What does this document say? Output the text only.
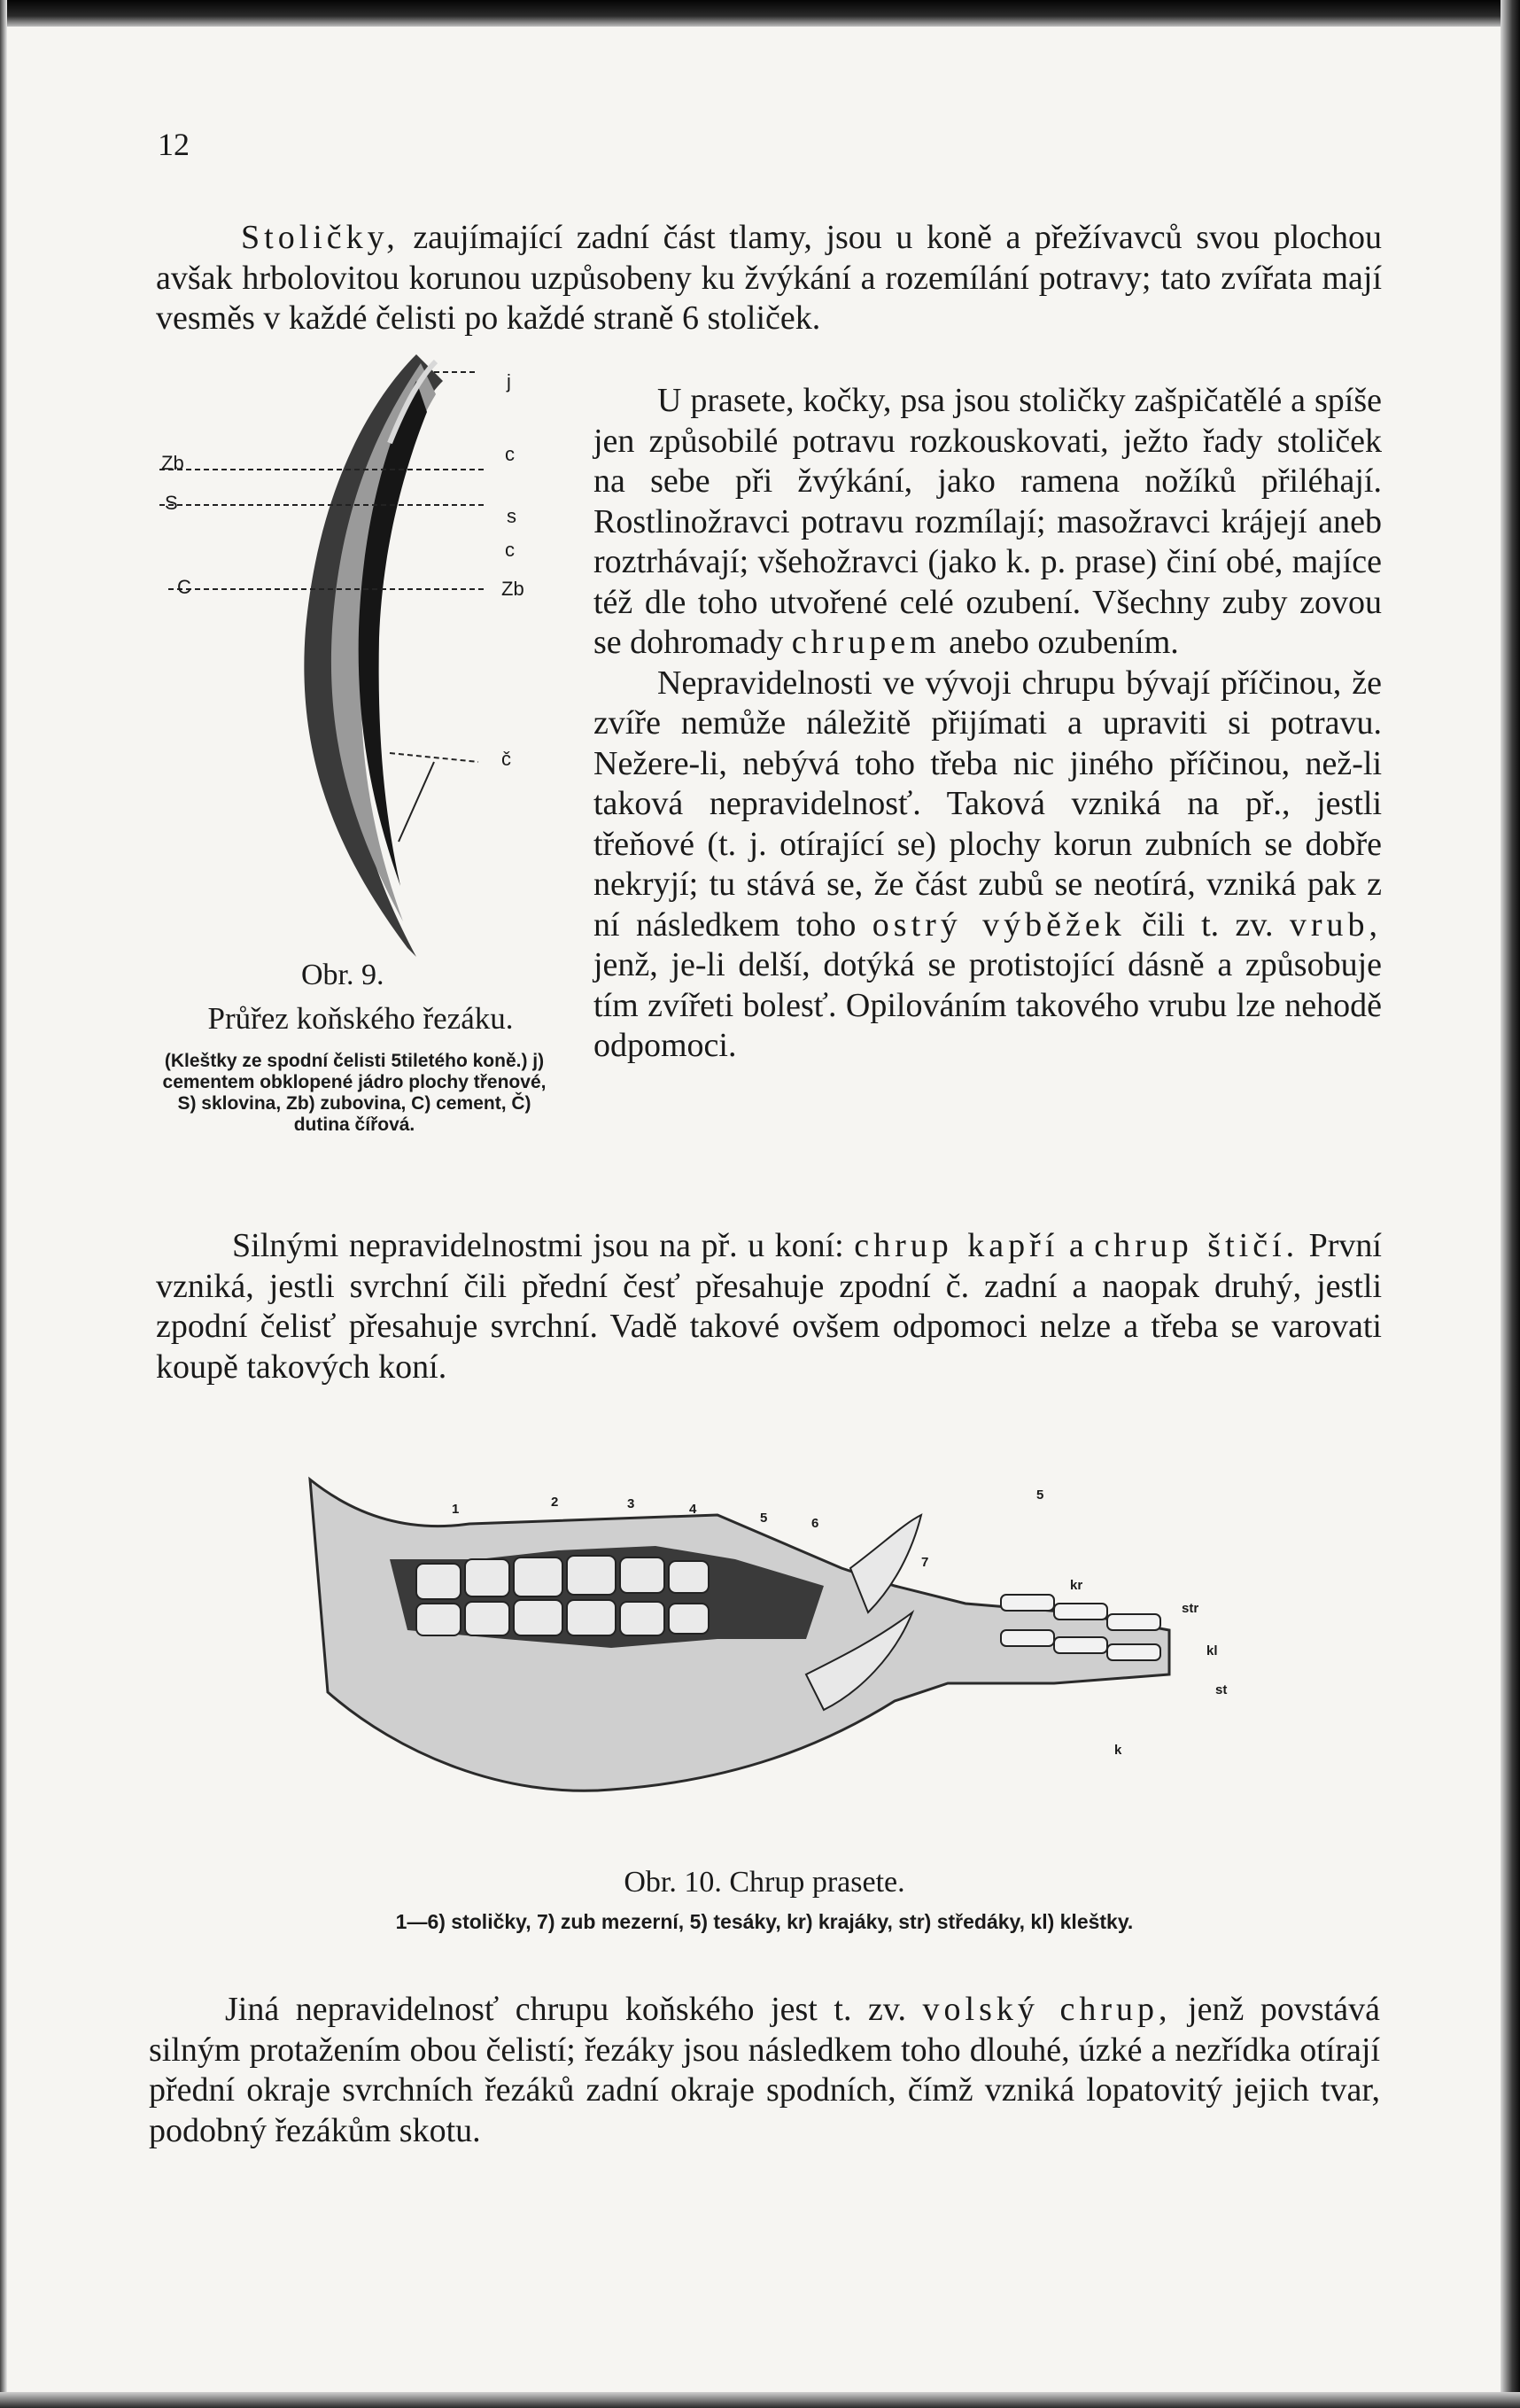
12

Stoličky, zaujímající zadní část tlamy, jsou u koně a přežívavců svou plochou avšak hrbolovitou korunou uzpůsobeny ku žvýkání a rozemílání potravy; tato zvířata mají vesměs v každé čelisti po každé straně 6 stoliček.

U prasete, kočky, psa jsou stoličky zašpičatělé a spíše jen způsobilé potravu rozkouskovati, ježto řady stoliček na sebe při žvýkání, jako ramena nožíků přiléhají. Rostlinožravci potravu rozmílají; masožravci krájejí aneb roztrhávají; všehožravci (jako k. p. prase) činí obé, majíce též dle toho utvořené celé ozubení. Všechny zuby zovou se dohromady chrupem anebo ozubením.

Nepravidelnosti ve vývoji chrupu bývají příčinou, že zvíře nemůže náležitě přijímati a upraviti si potravu. Nežere-li, nebývá toho třeba nic jiného příčinou, než-li taková nepravidelnosť. Taková vzniká na př., jestli třeňové (t. j. otírající se) plochy korun zubních se dobře nekryjí; tu stává se, že část zubů se neotírá, vzniká pak z ní následkem toho ostrý výběžek čili t. zv. vrub, jenž, je-li delší, dotýká se protistojící dásně a způsobuje tím zvířeti bolesť. Opilováním takového vrubu lze nehodě odpomoci.

Silnými nepravidelnostmi jsou na př. u koní: chrup kapří a chrup štičí. První vzniká, jestli svrchní čili přední česť přesahuje zpodní č. zadní a naopak druhý, jestli zpodní čelisť přesahuje svrchní. Vadě takové ovšem odpomoci nelze a třeba se varovati koupě takových koní.

Zb
S
C
j
c
s
c
Zb
č
Obr. 9.
Průřez koňského řezáku.
(Kleštky ze spodní čelisti 5tiletého koně.) j) cementem obklopené jádro plochy třenové, S) sklovina, Zb) zubovina, C) cement, Č) dutina čířová.
1	2	3	4
5	6
7
5
kr
str
kl
st
k
Obr. 10. Chrup prasete.
1—6) stoličky, 7) zub mezerní, 5) tesáky, kr) krajáky, str) středáky, kl) kleštky.

Jiná nepravidelnosť chrupu koňského jest t. zv. volský chrup, jenž povstává silným protažením obou čelistí; řezáky jsou následkem toho dlouhé, úzké a nezřídka otírají přední okraje svrchních řezáků zadní okraje spodních, čímž vzniká lopatovitý jejich tvar, podobný řezákům skotu.
